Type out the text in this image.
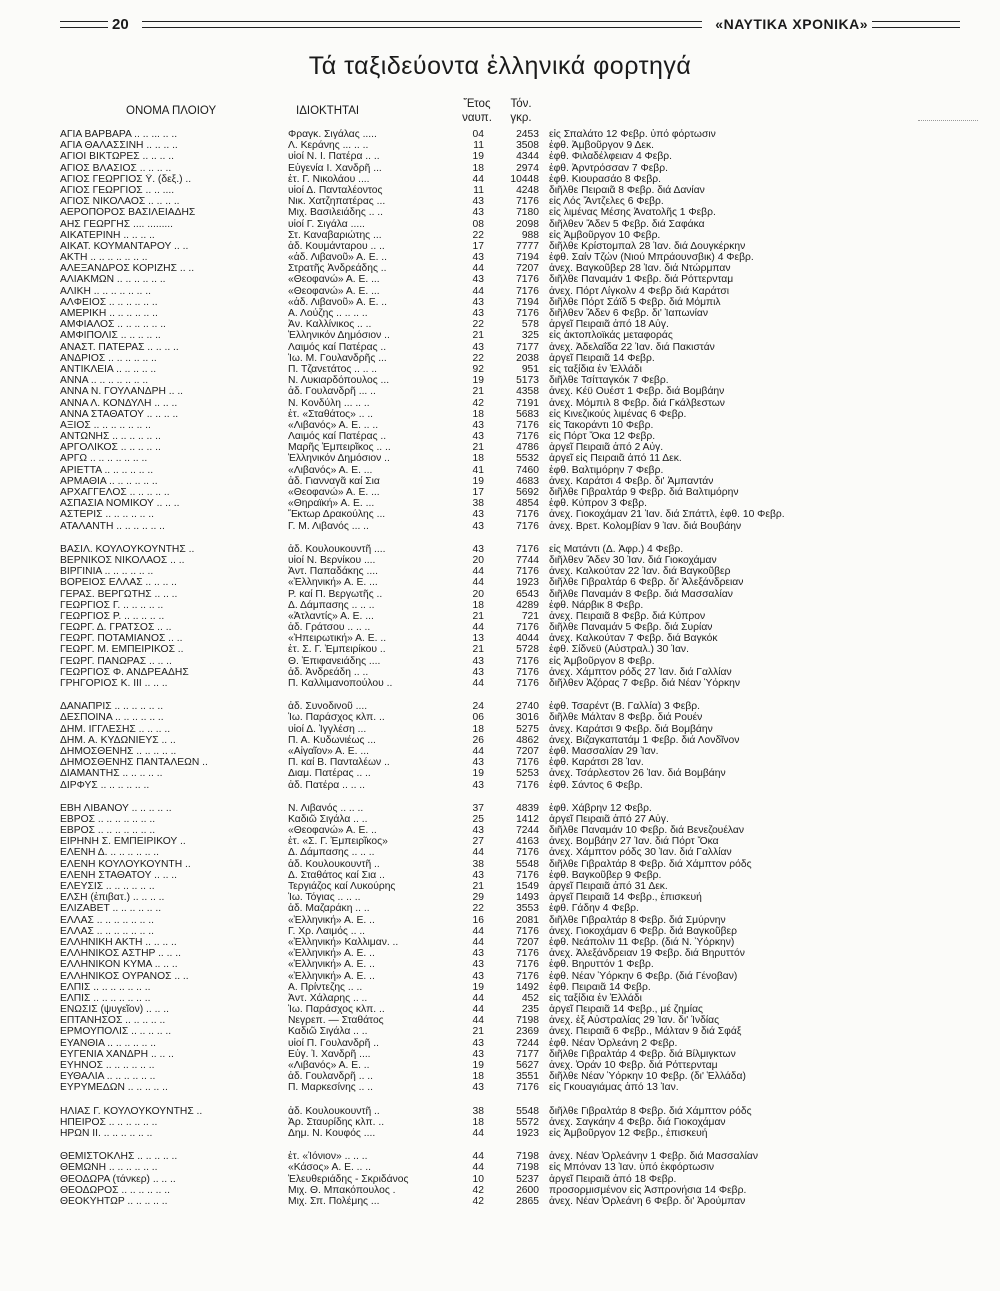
20	«ΝΑΥΤΙΚΑ ΧΡΟΝΙΚΑ»
Τά ταξιδεύοντα ἑλληνικά φορτηγά
ΟΝΟΜΑ ΠΛΟΙΟΥ	ΙΔΙΟΚΤΗΤΑΙ
Ἔτος
ναυπ.
Τόν.
γκρ.
ΑΓΙΑ ΒΑΡΒΑΡΑ .. .. ... .. ..	Φραγκ. Σιγάλας .....	04	2453 εἰς Σπαλάτο 12 Φεβρ. ὑπό φόρτωσιν
ΑΓΙΑ ΘΑΛΑΣΣΙΝΗ .. .. .. ..	Λ. Κεράνης ... .. ..	11	3508 ἐφθ. Ἀμβοῦργον 9 Δεκ.
ΑΓΙΟΙ ΒΙΚΤΩΡΕΣ .. .. .. ..	υἱοί Ν. Ι. Πατέρα .. ..	19	4344 ἐφθ. Φιλαδέλφειαν 4 Φεβρ.
ΑΓΙΟΣ ΒΛΑΣΙΟΣ .. .. .. ..	Εὐγενία Ι. Χανδρῆ ...	18	2974 ἐφθ. Ἀρντρόσσαν 7 Φεβρ.
ΑΓΙΟΣ ΓΕΩΡΓΙΟΣ Ϋ. (δεξ.) ..	ἐτ. Γ. Νικολάου ....	44	10448 ἐφθ. Κιουρασάο 8 Φεβρ.
ΑΓΙΟΣ ΓΕΩΡΓΙΟΣ .. .. ....	υἱοί Δ. Πανταλέοντος	11	4248 διῆλθε Πειραιᾶ 8 Φεβρ. διά Δανίαν
ΑΓΙΟΣ ΝΙΚΟΛΑΟΣ .. .. .. ..	Νικ. Χατζηπατέρας ...	43	7176 εἰς Λός Ἄντζελες 6 Φεβρ.
ΑΕΡΟΠΟΡΟΣ ΒΑΣΙΛΕΙΑΔΗΣ	Μιχ. Βασιλειάδης .. ..	43	7180 εἰς λιμένας Μέσης Ἀνατολῆς 1 Φεβρ.
ΑΗΣ ΓΕΩΡΓΗΣ .... .........	υἱοί Γ. Σιγάλα .....	08	2098 διῆλθεν Ἄδεν 5 Φεβρ. διά Σαφάκα
ΑΙΚΑΤΕΡΙΝΗ .. .. .. ..	Στ. Καναβαριώτης ...	22	988 εἰς Ἀμβοῦργον 10 Φεβρ.
ΑΙΚΑΤ. ΚΟΥΜΑΝΤΑΡΟΥ .. ..	ἀδ. Κουμάνταρου .. ..	17	7777 διῆλθε Κρίστομπαλ 28 Ἰαν. διά Δουγκέρκην
ΑΚΤΗ .. .. .. .. .. .. ..	«ἀδ. Λιβανοῦ» Α. Ε. ..	43	7194 ἐφθ. Σαίν Τζών (Νιού Μπράουνσβικ) 4 Φεβρ.
ΑΛΕΞΑΝΔΡΟΣ ΚΟΡΙΖΗΣ .. ..	Στρατῆς Ἀνδρεάδης ..	44	7207 ἀνεχ. Βαγκοῦβερ 28 Ἰαν. διά Ντώρμπαν
ΑΛΙΑΚΜΩΝ .. .. .. .. .. ..	«Θεοφανώ» Α. Ε. ...	43	7176 διῆλθε Παναμάν 1 Φεβρ. διά Ρόττερνταμ
ΑΛΙΚΗ .. .. .. .. .. .. ..	«Θεοφανώ» Α. Ε. ...	44	7176 ἀνεχ. Πόρτ Λίγκολν 4 Φεβρ διά Καράτσι
ΑΛΦΕΙΟΣ .. .. .. .. .. ..	«ἀδ. Λιβανοῦ» Α. Ε. ..	43	7194 διῆλθε Πόρτ Σάϊδ 5 Φεβρ. διά Μόμπιλ
ΑΜΕΡΙΚΗ .. .. .. .. .. ..	Α. Λούζης .. .. .. ..	43	7176 διῆλθεν Ἄδεν 6 Φεβρ. δι' Ἰαπωνίαν
ΑΜΦΙΑΛΟΣ .. .. .. .. .. ..	Ἀν. Καλλίνικος .. ..	22	578 ἀργεῖ Πειραιᾶ ἀπό 18 Αὐγ.
ΑΜΦΙΠΟΛΙΣ .. .. .. .. ..	Ἑλληνικόν Δημόσιον ..	21	325 εἰς ἀκτοπλοϊκάς μεταφοράς
ΑΝΑΣΤ. ΠΑΤΕΡΑΣ .. .. .. ..	Λαιμός καί Πατέρας ..	43	7177 ἀνεχ. Ἀδελαΐδα 22 Ἰαν. διά Πακιστάν
ΑΝΔΡΙΟΣ .. .. .. .. .. ..	Ἰω. Μ. Γουλανδρῆς ...	22	2038 ἀργεῖ Πειραιᾶ 14 Φεβρ.
ΑΝΤΙΚΛΕΙΑ .. .. .. .. ..	Π. Τζανετάτος .. .. ..	92	951 εἰς ταξίδια ἐν Ἑλλάδι
ΑΝΝΑ .. .. .. .. .. .. ..	Ν. Λυκιαρδόπουλος ...	19	5173 διῆλθε Τσίτταγκόκ 7 Φεβρ.
ΑΝΝΑ Ν. ΓΟΥΛΑΝΔΡΗ .. ..	ἀδ. Γουλανδρῆ ... ..	21	4358 ἀνεχ. Κέϋ Ουέστ 1 Φεβρ. διά Βομβάην
ΑΝΝΑ Λ. ΚΟΝΔΥΛΗ .. .. ..	Ν. Κονδύλη ... .. ..	42	7191 ἀνεχ. Μόμπιλ 8 Φεβρ. διά Γκάλβεστων
ΑΝΝΑ ΣΤΑΘΑΤΟΥ .. .. .. ..	ἐτ. «Σταθάτος» .. ..	18	5683 εἰς Κινεζικούς λιμένας 6 Φεβρ.
ΑΞΙΟΣ .. .. .. .. .. .. ..	«Λιβανός» Α. Ε. .. ..	43	7176 εἰς Τακοράντι 10 Φεβρ.
ΑΝΤΩΝΗΣ .. .. .. .. .. ..	Λαιμός καί Πατέρας ..	43	7176 εἰς Πόρτ Ὄκα 12 Φεβρ.
ΑΡΓΟΛΙΚΟΣ .. .. .. .. ..	Μαρῆς Ἐμπειρῖκος .. ..	21	4786 ἀργεῖ Πειραιᾶ ἀπό 2 Αὐγ.
ΑΡΓΩ .. .. .. .. .. .. ..	Ἑλληνικόν Δημόσιον ..	18	5532 ἀργεῖ εἰς Πειραιᾶ ἀπό 11 Δεκ.
ΑΡΙΕΤΤΑ .. .. .. .. .. ..	«Λιβανός» Α. Ε. ...	41	7460 ἐφθ. Βαλτιμόρην 7 Φεβρ.
ΑΡΜΑΘΙΑ .. .. .. .. .. ..	ἀδ. Γιανναγᾶ καί Σια	19	4683 ἀνεχ. Καράτσι 4 Φεβρ. δι' Ἀμπαντάν
ΑΡΧΑΓΓΕΛΟΣ .. .. .. .. ..	«Θεοφανώ» Α. Ε. ...	17	5692 διῆλθε Γιβραλτάρ 9 Φεβρ. διά Βαλτιμόρην
ΑΣΠΑΣΙΑ ΝΟΜΙΚΟΥ .. .. ..	«Θηραϊκή» Α. Ε. ...	38	4854 ἐφθ. Κύπρον 3 Φεβρ.
ΑΣΤΕΡΙΣ .. .. .. .. .. ..	Ἕκτωρ Δρακούλης ...	43	7176 ἀνεχ. Γιοκοχάμαν 21 Ἰαν. διά Σπάττλ, ἐφθ. 10 Φεβρ.
ΑΤΑΛΑΝΤΗ .. .. .. .. .. ..	Γ. Μ. Λιβανός ... ..	43	7176 ἀνεχ. Βρετ. Κολομβίαν 9 Ἰαν. διά Βουβάην
ΒΑΣΙΛ. ΚΟΥΛΟΥΚΟΥΝΤΗΣ ..	ἀδ. Κουλουκουντῆ ....	43	7176 εἰς Ματάντι (Δ. Ἀφρ.) 4 Φεβρ.
ΒΕΡΝΙΚΟΣ ΝΙΚΟΛΑΟΣ .. ..	υἱοί Ν. Βερνίκου ....	20	7744 διῆλθεν Ἄδεν 30 Ἰαν. διά Γιοκοχάμαν
ΒΙΡΓΙΝΙΑ .. .. .. .. .. ..	Ἀντ. Παπαδάκης ....	44	7176 ἀνεχ. Καλκούταν 22 Ἰαν. διά Βαγκοῦβερ
ΒΟΡΕΙΟΣ ΕΛΛΑΣ .. .. .. ..	«Ἑλληνική» Α. Ε. ...	44	1923 διῆλθε Γιβραλτάρ 6 Φεβρ. δι' Ἀλεξάνδρειαν
ΓΕΡΑΣ. ΒΕΡΓΩΤΗΣ .. .. ..	Ρ. καί Π. Βεργωτῆς ..	20	6543 διῆλθε Παναμάν 8 Φεβρ. διά Μασσαλίαν
ΓΕΩΡΓΙΟΣ Γ. .. .. .. .. ..	Δ. Δάμπασης .. .. ..	18	4289 ἐφθ. Νάρβικ 8 Φεβρ.
ΓΕΩΡΓΙΟΣ Ρ. .. .. .. .. ..	«Ἀτλαντίς» Α. Ε. ...	21	721 ἀνεχ. Πειραιᾶ 8 Φεβρ. διά Κύπρον
ΓΕΩΡΓ. Δ. ΓΡΑΤΣΟΣ .. ..	ἀδ. Γράτσου .. .. ..	44	7176 διῆλθε Παναμάν 5 Φεβρ. διά Συρίαν
ΓΕΩΡΓ. ΠΟΤΑΜΙΑΝΟΣ .. ..	«Ἠπειρωτική» Α. Ε. ..	13	4044 ἀνεχ. Καλκούταν 7 Φεβρ. διά Βαγκόκ
ΓΕΩΡΓ. Μ. ΕΜΠΕΙΡΙΚΟΣ ..	ἐτ. Σ. Γ. Ἐμπειρίκου ..	21	5728 ἐφθ. Σίδνεϋ (Αὐστραλ.) 30 Ἰαν.
ΓΕΩΡΓ. ΠΑΝΩΡΑΣ .. .. ..	Θ. Ἐπιφανειάδης ....	43	7176 εἰς Ἀμβοῦργον 8 Φεβρ.
ΓΕΩΡΓΙΟΣ Φ. ΑΝΔΡΕΑΔΗΣ	ἀδ. Ἀνδρεάδη .. ..	43	7176 ἀνεχ. Χάμπτον ρόδς 27 Ἰαν. διά Γαλλίαν
ΓΡΗΓΟΡΙΟΣ Κ. ΙΙΙ .. .. ..	Π. Καλλιμανοπούλου ..	44	7176 διῆλθεν Ἀζόρας 7 Φεβρ. διά Νέαν Ὑόρκην
ΔΑΝΑΠΡΙΣ .. .. .. .. .. ..	ἀδ. Συνοδινοῦ ....	24	2740 ἐφθ. Τσαρέντ (Β. Γαλλία) 3 Φεβρ.
ΔΕΣΠΟΙΝΑ .. .. .. .. .. ..	Ἰω. Παράσχος κλπ. ..	06	3016 διῆλθε Μάλταν 8 Φεβρ. διά Ρουέν
ΔΗΜ. ΙΓΓΛΕΣΗΣ .. .. .. ..	υἱοί Δ. Ἰγγλέση ...	18	5275 ἀνεχ. Καράτσι 9 Φεβρ. διά Βομβάην
ΔΗΜ. Α. ΚΥΔΩΝΙΕΥΣ .. ..	Π. Α. Κυδωνιέως ...	26	4862 ἀνεχ. Βιζαγκαπατάμ 1 Φεβρ. διά Λονδῖνον
ΔΗΜΟΣΘΕΝΗΣ .. .. .. .. ..	«Αἰγαῖον» Α. Ε. ...	44	7207 ἐφθ. Μασσαλίαν 29 Ἰαν.
ΔΗΜΟΣΘΕΝΗΣ ΠΑΝΤΑΛΕΩΝ ..	Π. καί Β. Πανταλέων ..	43	7176 ἐφθ. Καράτσι 28 Ἰαν.
ΔΙΑΜΑΝΤΗΣ .. .. .. .. ..	Διαμ. Πατέρας .. ..	19	5253 ἀνεχ. Τσάρλεστον 26 Ἰαν. διά Βομβάην
ΔΙΡΦΥΣ .. .. .. .. .. ..	ἀδ. Πατέρα .. .. ..	43	7176 ἐφθ. Σάντος 6 Φεβρ.
ΕΒΗ ΛΙΒΑΝΟΥ .. .. .. .. ..	Ν. Λιβανός .. .. ..	37	4839 ἐφθ. Χάβρην 12 Φεβρ.
ΕΒΡΟΣ .. .. .. .. .. .. ..	Καδιῶ Σιγάλα .. ..	25	1412 ἀργεῖ Πειραιᾶ ἀπό 27 Αὐγ.
ΕΒΡΟΣ .. .. .. .. .. .. ..	«Θεοφανώ» Α. Ε. ..	43	7244 διῆλθε Παναμάν 10 Φεβρ. διά Βενεζουέλαν
ΕΙΡΗΝΗ Σ. ΕΜΠΕΙΡΙΚΟΥ ..	ἐτ. «Σ. Γ. Ἐμπειρῖκος»	27	4163 ἀνεχ. Βομβάην 27 Ἰαν. διά Πόρτ Ὄκα
ΕΛΕΝΗ Δ. .. .. .. .. .. ..	Δ. Δάμπασης .. .. ..	44	7176 ἀνεχ. Χάμπτον ρόδς 30 Ἰαν. διά Γαλλίαν
ΕΛΕΝΗ ΚΟΥΛΟΥΚΟΥΝΤΗ ..	ἀδ. Κουλουκουντῆ ..	38	5548 διῆλθε Γιβραλτάρ 8 Φεβρ. διά Χάμπτον ρόδς
ΕΛΕΝΗ ΣΤΑΘΑΤΟΥ .. .. ..	Δ. Σταθάτος καί Σια ..	43	7176 ἐφθ. Βαγκοῦβερ 9 Φεβρ.
ΕΛΕΥΣΙΣ .. .. .. .. .. ..	Τεργιάζος καί Λυκούρης	21	1549 ἀργεῖ Πειραιᾶ ἀπό 31 Δεκ.
ΕΛΣΗ (ἐπιβατ.) .. .. .. ..	Ἰω. Τόγιας .. .. ..	29	1493 ἀργεῖ Πειραιᾶ 14 Φεβρ., ἐπισκευή
ΕΛΙΖΑΒΕΤ .. .. .. .. .. ..	ἀδ. Μαζαράκη .. ..	22	3553 ἐφθ. Γάδην 4 Φεβρ.
ΕΛΛΑΣ .. .. .. .. .. .. ..	«Ἑλληνική» Α. Ε. ..	16	2081 διῆλθε Γιβραλτάρ 8 Φεβρ. διά Σμύρνην
ΕΛΛΑΣ .. .. .. .. .. .. ..	Γ. Χρ. Λαιμός .. ..	44	7176 ἀνεχ. Γιοκοχάμαν 6 Φεβρ. διά Βαγκοῦβερ
ΕΛΛΗΝΙΚΗ ΑΚΤΗ .. .. .. ..	«Ἑλληνική» Καλλιμαν. ..	44	7207 ἐφθ. Νεάπολιν 11 Φεβρ. (διά Ν. Ὑόρκην)
ΕΛΛΗΝΙΚΟΣ ΑΣΤΗΡ .. .. ..	«Ἑλληνική» Α. Ε. ..	43	7176 ἀνεχ. Ἀλεξάνδρειαν 19 Φεβρ. διά Βηρυττόν
ΕΛΛΗΝΙΚΟΝ ΚΥΜΑ .. .. ..	«Ἑλληνική» Α. Ε. ..	43	7176 ἐφθ. Βηρυττόν 1 Φεβρ.
ΕΛΛΗΝΙΚΟΣ ΟΥΡΑΝΟΣ .. ..	«Ἑλληνική» Α. Ε. ..	43	7176 ἐφθ. Νέαν Ὑόρκην 6 Φεβρ. (διά Γένοβαν)
ΕΛΠΙΣ .. .. .. .. .. .. ..	Α. Πρίντεζης .. ..	19	1492 ἐφθ. Πειραιᾶ 14 Φεβρ.
ΕΛΠΙΣ .. .. .. .. .. .. ..	Ἀντ. Χάλαρης .. ..	44	452 εἰς ταξίδια ἐν Ἑλλάδι
ΕΝΩΣΙΣ (ψυγεῖον) .. .. ..	Ἰω. Παράσχος κλπ. ..	44	235 ἀργεῖ Πειραιᾶ 14 Φεβρ., μέ ζημίας
ΕΠΤΑΝΗΣΟΣ .. .. .. .. ..	Νεγρεπ. — Σταθάτος	44	7198 ἀνεχ. ἐξ Αὐστραλίας 29 Ἰαν. δι' Ἰνδίας
ΕΡΜΟΥΠΟΛΙΣ .. .. .. .. ..	Καδιῶ Σιγάλα .. ..	21	2369 ἀνεχ. Πειραιᾶ 6 Φεβρ., Μάλταν 9 διά Σφάξ
ΕΥΑΝΘΙΑ .. .. .. .. .. ..	υἱοί Π. Γουλανδρῆ ..	43	7244 ἐφθ. Νέαν Ὀρλεάνη 2 Φεβρ.
ΕΥΓΕΝΙΑ ΧΑΝΔΡΗ .. .. ..	Εὐγ. Ἰ. Χανδρῆ ....	43	7177 διῆλθε Γιβραλτάρ 4 Φεβρ. διά Βίλμιγκτων
ΕΥΗΝΟΣ .. .. .. .. .. ..	«Λιβανός» Α. Ε. ..	19	5627 ἀνεχ. Ὀράν 10 Φεβρ. διά Ρόττερνταμ
ΕΥΘΑΛΙΑ .. .. .. .. .. ..	ἀδ. Γουλανδρῆ .. ..	18	3551 διῆλθε Νέαν Ὑόρκην 10 Φεβρ. (δι' Ἑλλάδα)
ΕΥΡΥΜΕΔΩΝ .. .. .. .. ..	Π. Μαρκεσίνης .. ..	43	7176 εἰς Γκουαγιάμας ἀπό 13 Ἰαν.
ΗΛΙΑΣ Γ. ΚΟΥΛΟΥΚΟΥΝΤΗΣ ..	ἀδ. Κουλουκουντῆ ..	38	5548 διῆλθε Γιβραλτάρ 8 Φεβρ. διά Χάμπτον ρόδς
ΗΠΕΙΡΟΣ .. .. .. .. .. ..	Ἀρ. Σταυρίδης κλπ. ..	18	5572 ἀνεχ. Σαγκάην 4 Φεβρ. διά Γιοκοχάμαν
ΗΡΩΝ ΙΙ. .. .. .. .. .. ..	Δημ. Ν. Κουφός ....	44	1923 εἰς Ἀμβοῦργον 12 Φεβρ., ἐπισκευή
ΘΕΜΙΣΤΟΚΛΗΣ .. .. .. .. ..	ἐτ. «Ἰόνιον» .. .. ..	44	7198 ἀνεχ. Νέαν Ὀρλεάνην 1 Φεβρ. διά Μασσαλίαν
ΘΕΜΩΝΗ .. .. .. .. .. ..	«Κάσος» Α. Ε. .. ..	44	7198 εἰς Μπόναν 13 Ἰαν. ὑπό ἐκφόρτωσιν
ΘΕΟΔΩΡΑ (τάνκερ) .. .. ..	Ἐλευθεριάδης - Σκριδάνος	10	5237 ἀργεῖ Πειραιᾶ ἀπό 18 Φεβρ.
ΘΕΟΔΩΡΟΣ .. .. .. .. .. ..	Μιχ. Θ. Μπακόπουλος .	42	2600 προσορμισμένον εἰς Ἀσπρονήσια 14 Φεβρ.
ΘΕΟΚΥΗΤΩΡ .. .. .. .. ..	Μιχ. Σπ. Πολέμης ...	42	2865 ἀνεχ. Νέαν Ὀρλεάνη 6 Φεβρ. δι' Ἀρούμπαν
